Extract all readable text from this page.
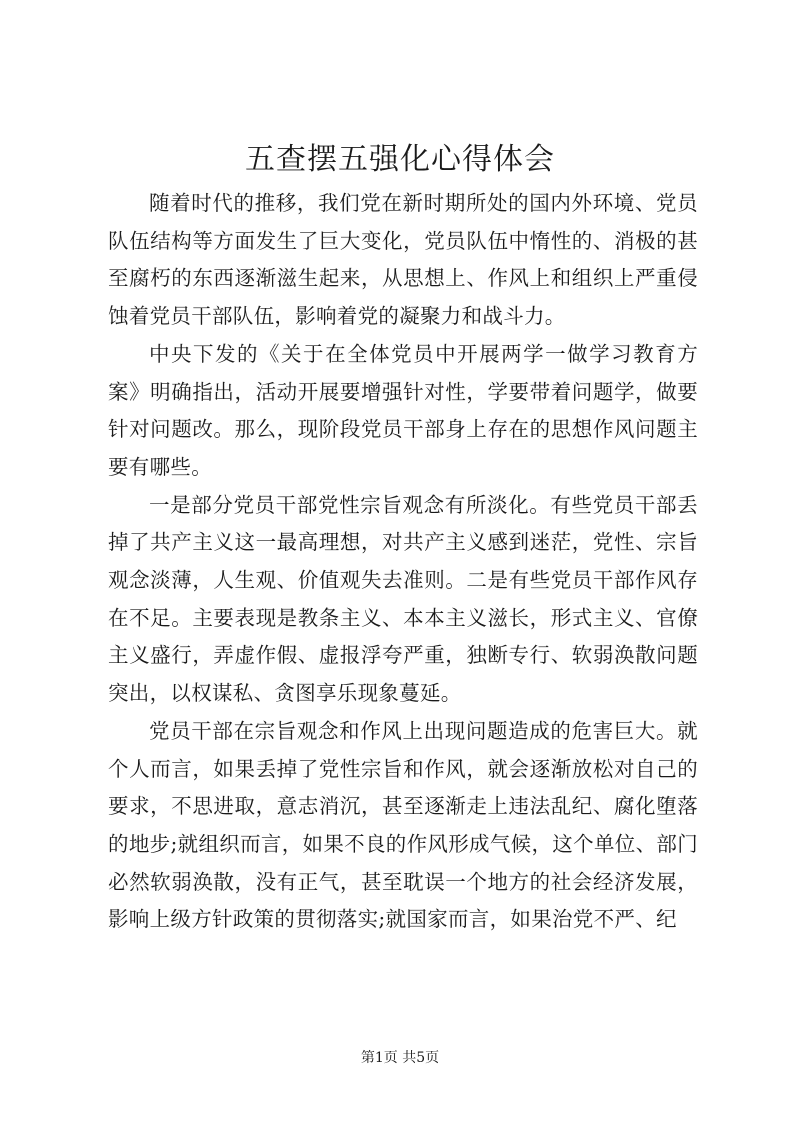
五查摆五强化心得体会

随着时代的推移，我们党在新时期所处的国内外环境、党员队伍结构等方面发生了巨大变化，党员队伍中惰性的、消极的甚至腐朽的东西逐渐滋生起来，从思想上、作风上和组织上严重侵蚀着党员干部队伍，影响着党的凝聚力和战斗力。

中央下发的《关于在全体党员中开展两学一做学习教育方案》明确指出，活动开展要增强针对性，学要带着问题学，做要针对问题改。那么，现阶段党员干部身上存在的思想作风问题主要有哪些。

一是部分党员干部党性宗旨观念有所淡化。有些党员干部丢掉了共产主义这一最高理想，对共产主义感到迷茫，党性、宗旨观念淡薄，人生观、价值观失去准则。二是有些党员干部作风存在不足。主要表现是教条主义、本本主义滋长，形式主义、官僚主义盛行，弄虚作假、虚报浮夸严重，独断专行、软弱涣散问题突出，以权谋私、贪图享乐现象蔓延。

党员干部在宗旨观念和作风上出现问题造成的危害巨大。就个人而言，如果丢掉了党性宗旨和作风，就会逐渐放松对自己的要求，不思进取，意志消沉，甚至逐渐走上违法乱纪、腐化堕落的地步;就组织而言，如果不良的作风形成气候，这个单位、部门必然软弱涣散，没有正气，甚至耽误一个地方的社会经济发展，影响上级方针政策的贯彻落实;就国家而言，如果治党不严、纪

第1页 共5页
